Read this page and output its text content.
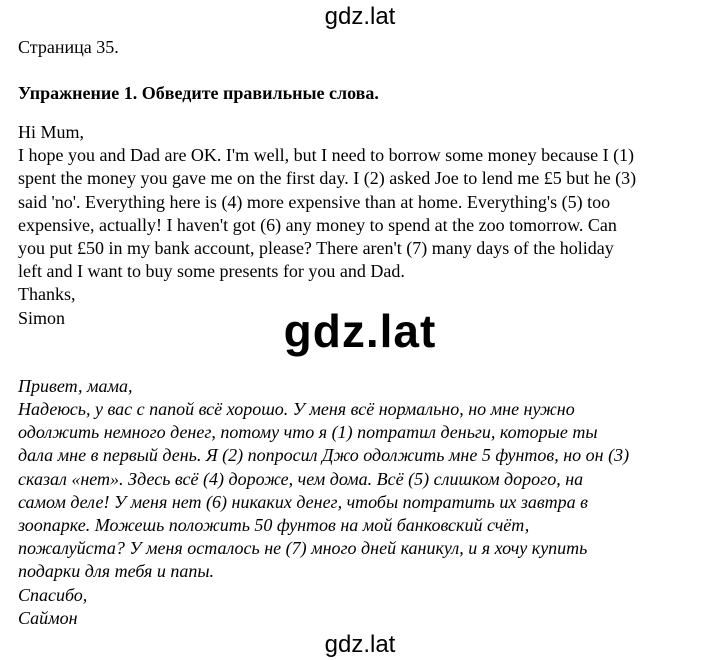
gdz.lat
gdz.lat
gdz.lat

Страница 35.

Упражнение 1. Обведите правильные слова.

Hi Mum,
I hope you and Dad are OK. I'm well, but I need to borrow some money because I (1)
spent the money you gave me on the first day. I (2) asked Joe to lend me £5 but he (3)
said 'no'. Everything here is (4) more expensive than at home. Everything's (5) too
expensive, actually! I haven't got (6) any money to spend at the zoo tomorrow. Can
you put £50 in my bank account, please? There aren't (7) many days of the holiday
left and I want to buy some presents for you and Dad.
Thanks,
Simon
Привет, мама,
Надеюсь, у вас с папой всё хорошо. У меня всё нормально, но мне нужно
одолжить немного денег, потому что я (1) потратил деньги, которые ты
дала мне в первый день. Я (2) попросил Джо одолжить мне 5 фунтов, но он (3)
сказал «нет». Здесь всё (4) дороже, чем дома. Всё (5) слишком дорого, на
самом деле! У меня нет (6) никаких денег, чтобы потратить их завтра в
зоопарке. Можешь положить 50 фунтов на мой банковский счёт,
пожалуйста? У меня осталось не (7) много дней каникул, и я хочу купить
подарки для тебя и папы.
Спасибо,
Саймон
